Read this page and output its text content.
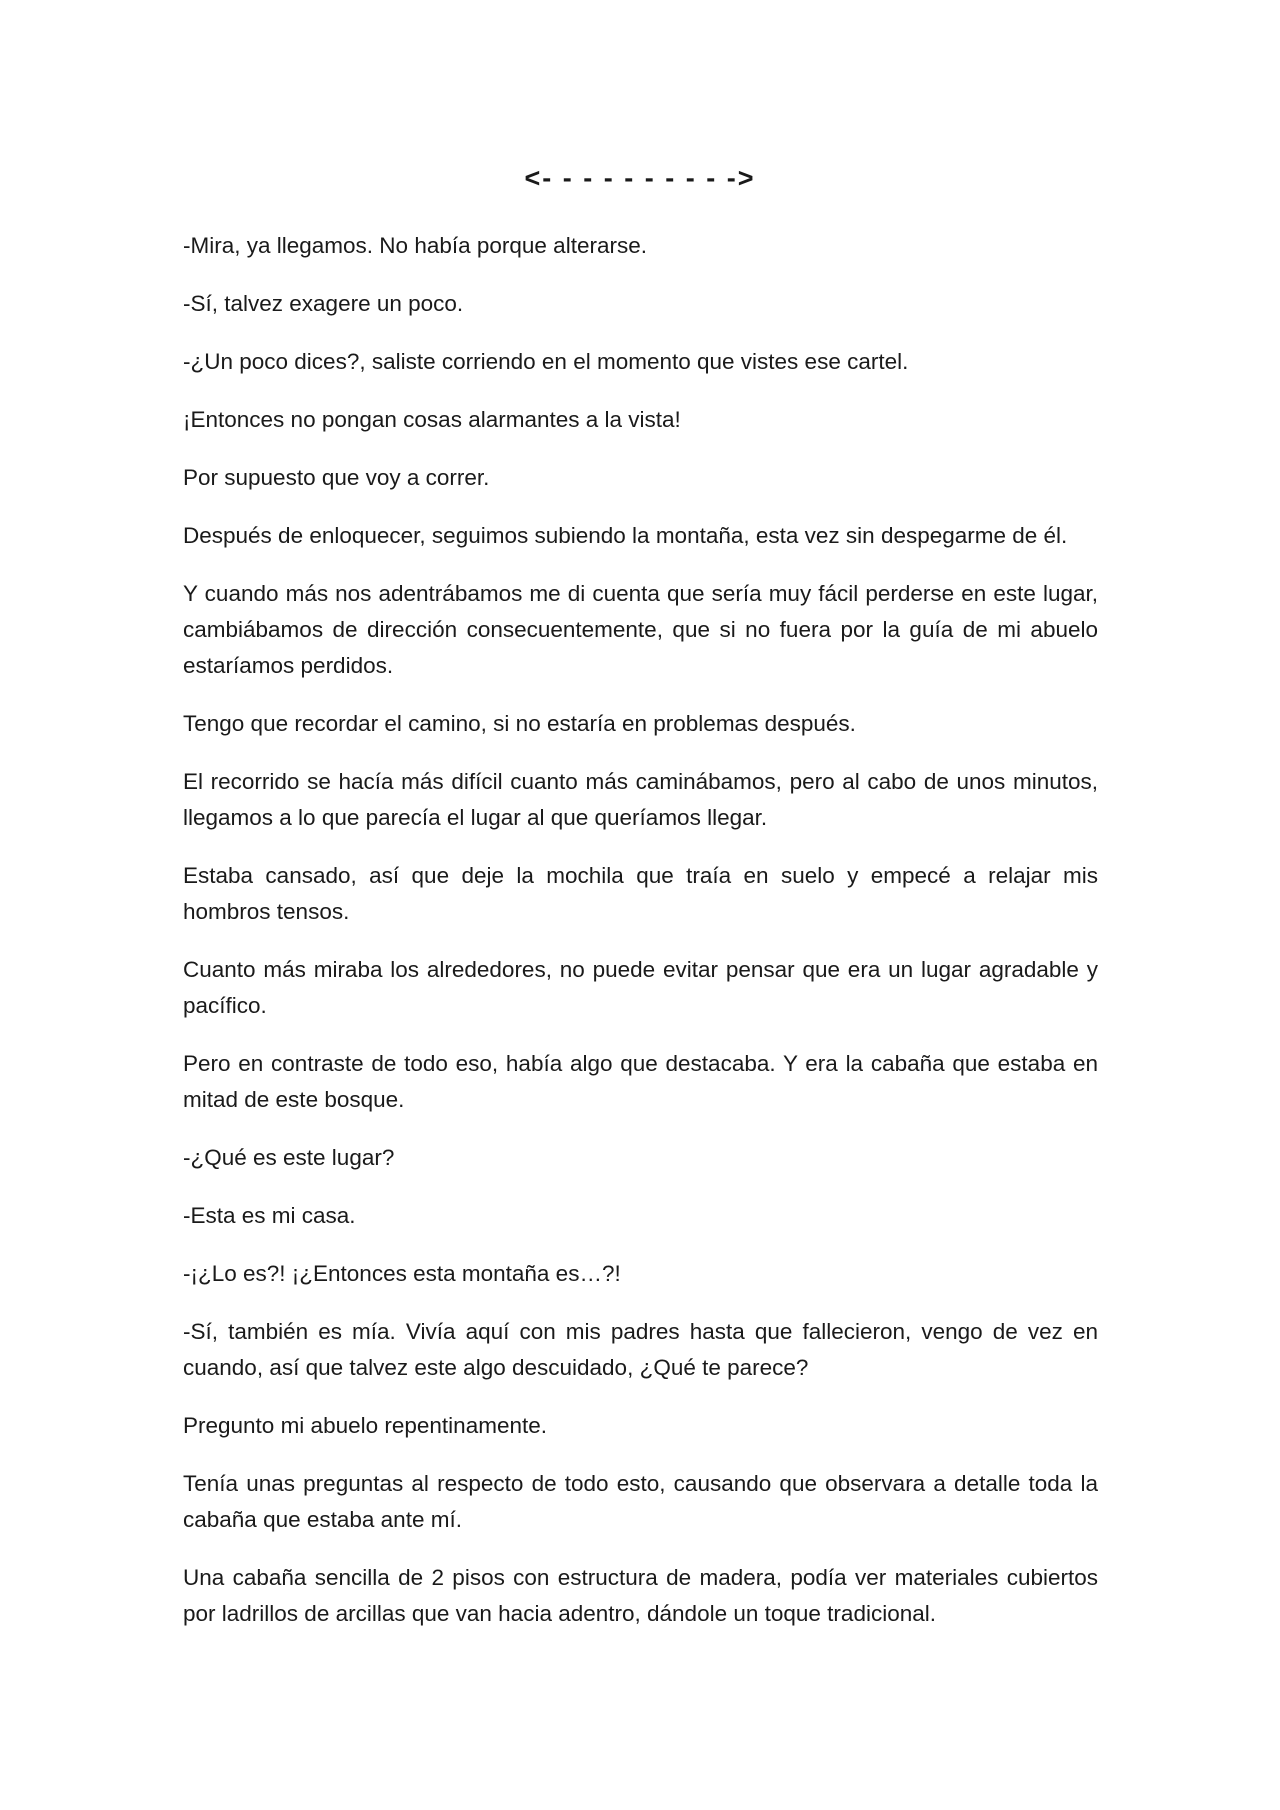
<- - - - - - - - - ->

-Mira, ya llegamos. No había porque alterarse.

-Sí, talvez exagere un poco.

-¿Un poco dices?, saliste corriendo en el momento que vistes ese cartel.

¡Entonces no pongan cosas alarmantes a la vista!

Por supuesto que voy a correr.

Después de enloquecer, seguimos subiendo la montaña, esta vez sin despegarme de él.

Y cuando más nos adentrábamos me di cuenta que sería muy fácil perderse en este lugar, cambiábamos de dirección consecuentemente, que si no fuera por la guía de mi abuelo estaríamos perdidos.

Tengo que recordar el camino, si no estaría en problemas después.

El recorrido se hacía más difícil cuanto más caminábamos, pero al cabo de unos minutos, llegamos a lo que parecía el lugar al que queríamos llegar.

Estaba cansado, así que deje la mochila que traía en suelo y empecé a relajar mis hombros tensos.

Cuanto más miraba los alrededores, no puede evitar pensar que era un lugar agradable y pacífico.

Pero en contraste de todo eso, había algo que destacaba. Y era la cabaña que estaba en mitad de este bosque.

-¿Qué es este lugar?

-Esta es mi casa.

-¡¿Lo es?! ¡¿Entonces esta montaña es…?!

-Sí, también es mía. Vivía aquí con mis padres hasta que fallecieron, vengo de vez en cuando, así que talvez este algo descuidado, ¿Qué te parece?

Pregunto mi abuelo repentinamente.

Tenía unas preguntas al respecto de todo esto, causando que observara a detalle toda la cabaña que estaba ante mí.

Una cabaña sencilla de 2 pisos con estructura de madera, podía ver materiales cubiertos por ladrillos de arcillas que van hacia adentro, dándole un toque tradicional.
